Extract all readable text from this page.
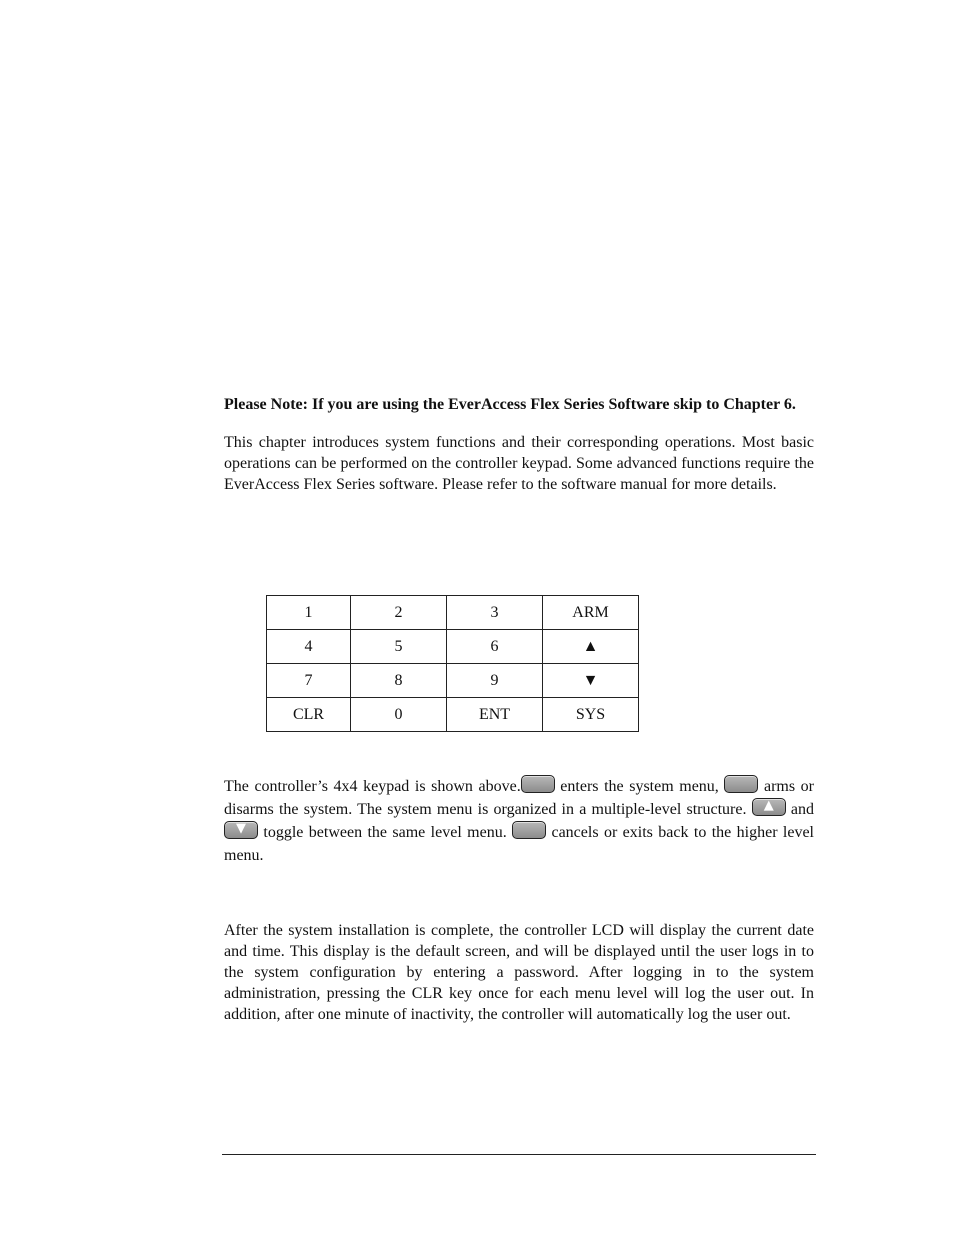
Please Note: If you are using the EverAccess Flex Series Software skip to Chapter 6.

This chapter introduces system functions and their corresponding operations. Most basic operations can be performed on the controller keypad. Some advanced functions require the EverAccess Flex Series software. Please refer to the software manual for more details.

1	2	3	ARM
4	5	6	▲
7	8	9	▼
CLR	0	ENT	SYS

The controller’s 4x4 keypad is shown above. enters the system menu,  arms or disarms the system. The system menu is organized in a multiple-level structure. ▲ and
▼ toggle between the same level menu.  cancels or exits back to the higher level menu.

After the system installation is complete, the controller LCD will display the current date and time. This display is the default screen, and will be displayed until the user logs in to the system configuration by entering a password. After logging in to the system administration, pressing the CLR key once for each menu level will log the user out. In addition, after one minute of inactivity, the controller will automatically log the user out.
